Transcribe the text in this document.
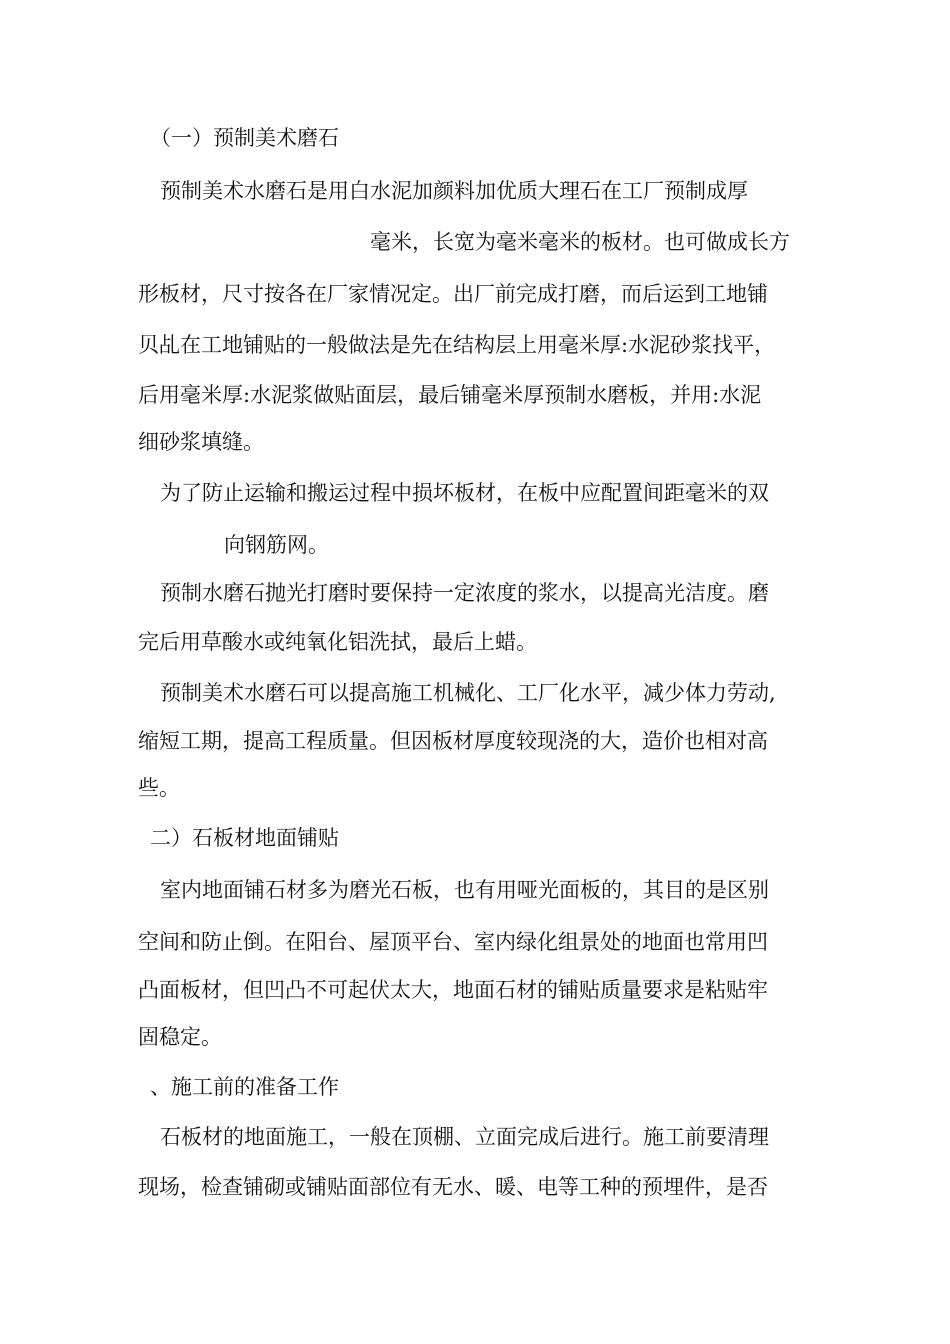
（一）预制美术磨石

预制美术水磨石是用白水泥加颜料加优质大理石在工厂预制成厚

毫米，长宽为毫米毫米的板材。也可做成长方

形板材，尺寸按各在厂家情况定。出厂前完成打磨，而后运到工地铺

贝乩在工地铺贴的一般做法是先在结构层上用毫米厚:水泥砂浆找平，

后用毫米厚:水泥浆做贴面层，最后铺毫米厚预制水磨板，并用:水泥

细砂浆填缝。

为了防止运输和搬运过程中损坏板材，在板中应配置间距毫米的双

向钢筋网。

预制水磨石抛光打磨时要保持一定浓度的浆水，以提高光洁度。磨

完后用草酸水或纯氧化铝洗拭，最后上蜡。

预制美术水磨石可以提高施工机械化、工厂化水平，减少体力劳动,

缩短工期，提高工程质量。但因板材厚度较现浇的大，造价也相对高

些。

二）石板材地面铺贴

室内地面铺石材多为磨光石板，也有用哑光面板的，其目的是区别

空间和防止倒。在阳台、屋顶平台、室内绿化组景处的地面也常用凹

凸面板材，但凹凸不可起伏太大，地面石材的铺贴质量要求是粘贴牢

固稳定。

、施工前的准备工作

石板材的地面施工，一般在顶棚、立面完成后进行。施工前要清理

现场，检查铺砌或铺贴面部位有无水、暖、电等工种的预埋件，是否
